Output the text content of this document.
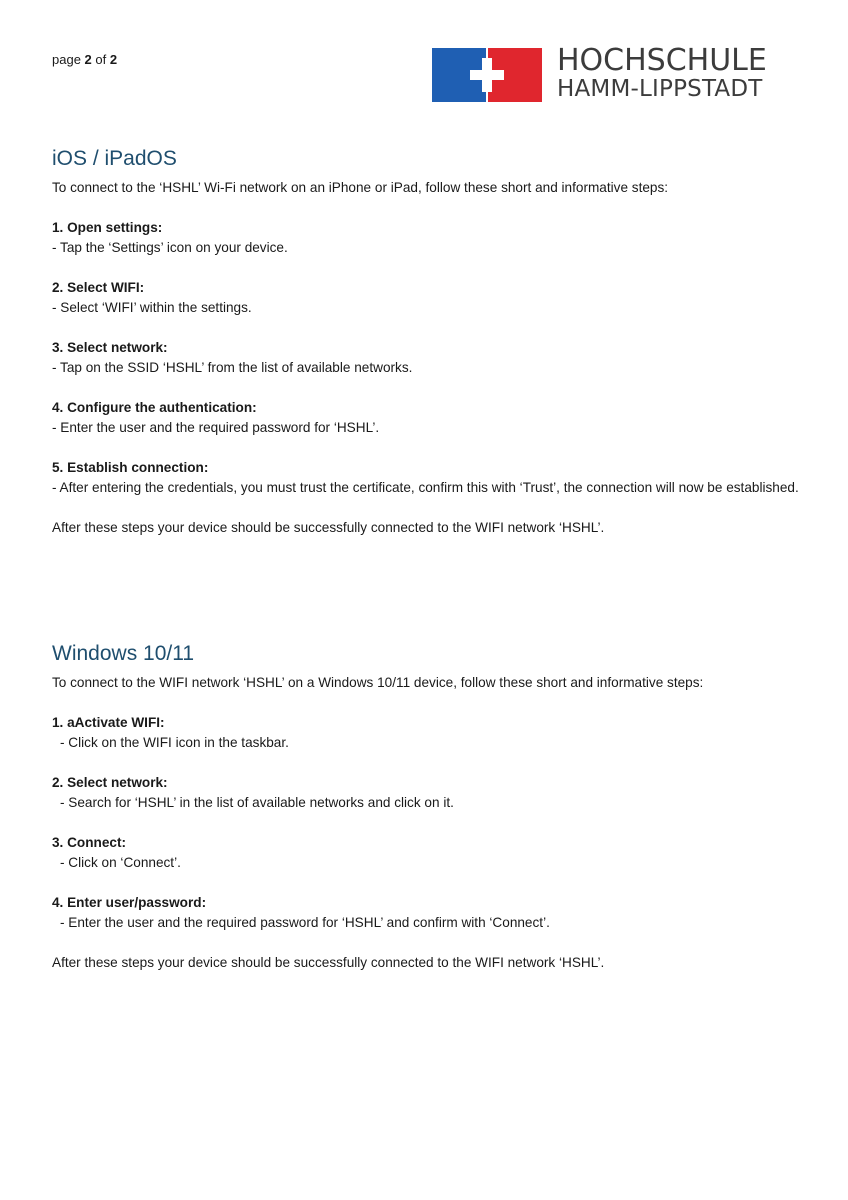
page 2 of 2	HOCHSCHULE
HAMM-LIPPSTADT
iOS / iPadOS

To connect to the ‘HSHL’ Wi-Fi network on an iPhone or iPad, follow these short and informative steps:

1. Open settings:

- Tap the ‘Settings’ icon on your device.

2. Select WIFI:

- Select ‘WIFI’ within the settings.

3. Select network:

- Tap on the SSID ‘HSHL’ from the list of available networks.

4. Configure the authentication:

- Enter the user and the required password for ‘HSHL’.

5. Establish connection:

- After entering the credentials, you must trust the certificate, confirm this with ‘Trust’, the connection will now be established.

After these steps your device should be successfully connected to the WIFI network ‘HSHL’.

Windows 10/11

To connect to the WIFI network ‘HSHL’ on a Windows 10/11 device, follow these short and informative steps:

1. aActivate WIFI:

- Click on the WIFI icon in the taskbar.

2. Select network:

- Search for ‘HSHL’ in the list of available networks and click on it.

3. Connect:

- Click on ‘Connect’.

4. Enter user/password:

- Enter the user and the required password for ‘HSHL’ and confirm with ‘Connect’.

After these steps your device should be successfully connected to the WIFI network ‘HSHL’.
